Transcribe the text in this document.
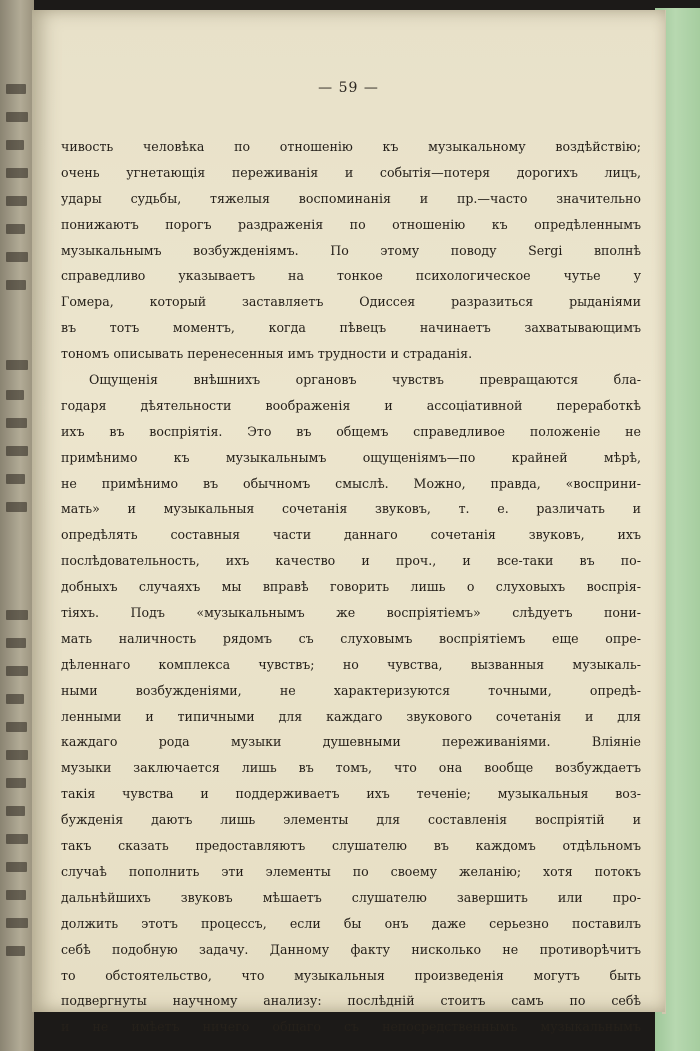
— 59 —
чивость человѣка по отношенію къ музыкальному воздѣйствію;
очень угнетающія переживанія и событія—потеря дорогихъ лицъ,
удары судьбы, тяжелыя воспоминанія и пр.—часто значительно
понижаютъ порогъ раздраженія по отношенію къ опредѣленнымъ
музыкальнымъ возбужденіямъ. По этому поводу Sergi вполнѣ
справедливо указываетъ на тонкое психологическое чутье у
Гомера, который заставляетъ Одиссея разразиться рыданіями
въ тотъ моментъ, когда пѣвецъ начинаетъ захватывающимъ
тономъ описывать перенесенныя имъ трудности и страданія.
Ощущенія внѣшнихъ органовъ чувствъ превращаются бла-
годаря дѣятельности воображенія и ассоціативной переработкѣ
ихъ въ воспріятія. Это въ общемъ справедливое положеніе не
примѣнимо къ музыкальнымъ ощущеніямъ—по крайней мѣрѣ,
не примѣнимо въ обычномъ смыслѣ. Можно, правда, «восприни-
мать» и музыкальныя сочетанія звуковъ, т. е. различать и
опредѣлять составныя части даннаго сочетанія звуковъ, ихъ
послѣдовательность, ихъ качество и проч., и все-таки въ по-
добныхъ случаяхъ мы вправѣ говорить лишь о слуховыхъ воспрія-
тіяхъ. Подъ «музыкальнымъ же воспріятіемъ» слѣдуетъ пони-
мать наличность рядомъ съ слуховымъ воспріятіемъ еще опре-
дѣленнаго комплекса чувствъ; но чувства, вызванныя музыкаль-
ными возбужденіями, не характеризуются точными, опредѣ-
ленными и типичными для каждаго звукового сочетанія и для
каждаго рода музыки душевными переживаніями. Вліяніе
музыки заключается лишь въ томъ, что она вообще возбуждаетъ
такія чувства и поддерживаетъ ихъ теченіе; музыкальныя воз-
бужденія даютъ лишь элементы для составленія воспріятій и
такъ сказать предоставляютъ слушателю въ каждомъ отдѣльномъ
случаѣ пополнить эти элементы по своему желанію; хотя потокъ
дальнѣйшихъ звуковъ мѣшаетъ слушателю завершить или про-
должить этотъ процессъ, если бы онъ даже серьезно поставилъ
себѣ подобную задачу. Данному факту нисколько не противорѣчитъ
то обстоятельство, что музыкальныя произведенія могутъ быть
подвергнуты научному анализу: послѣдній стоитъ самъ по себѣ
и не имѣетъ ничего общаго съ непосредственнымъ музыкальнымъ
